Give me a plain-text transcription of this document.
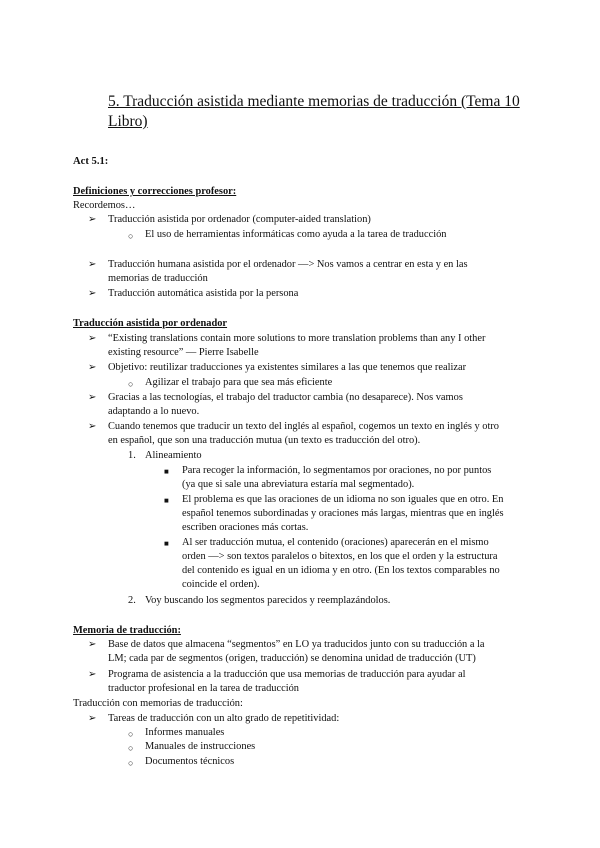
5. Traducción asistida mediante memorias de traducción (Tema 10 Libro)
Act 5.1:
Definiciones y correcciones profesor:
Recordemos…
➢ Traducción asistida por ordenador (computer-aided translation)
○ El uso de herramientas informáticas como ayuda a la tarea de traducción
➢ Traducción humana asistida por el ordenador —> Nos vamos a centrar en esta y en las
memorias de traducción
➢ Traducción automática asistida por la persona
Traducción asistida por ordenador
➢ “Existing translations contain more solutions to more translation problems than any I other
existing resource” — Pierre Isabelle
➢ Objetivo: reutilizar traducciones ya existentes similares a las que tenemos que realizar
○ Agilizar el trabajo para que sea más eficiente
➢ Gracias a las tecnologías, el trabajo del traductor cambia (no desaparece). Nos vamos
adaptando a lo nuevo.
➢ Cuando tenemos que traducir un texto del inglés al español, cogemos un texto en inglés y otro
en español, que son una traducción mutua (un texto es traducción del otro).
1. Alineamiento
■ Para recoger la información, lo segmentamos por oraciones, no por puntos
(ya que si sale una abreviatura estaría mal segmentado).
■ El problema es que las oraciones de un idioma no son iguales que en otro. En
español tenemos subordinadas y oraciones más largas, mientras que en inglés
escriben oraciones más cortas.
■ Al ser traducción mutua, el contenido (oraciones) aparecerán en el mismo
orden —> son textos paralelos o bitextos, en los que el orden y la estructura
del contenido es igual en un idioma y en otro. (En los textos comparables no
coincide el orden).
2. Voy buscando los segmentos parecidos y reemplazándolos.
Memoria de traducción:
➢ Base de datos que almacena “segmentos” en LO ya traducidos junto con su traducción a la
LM; cada par de segmentos (origen, traducción) se denomina unidad de traducción (UT)
➢ Programa de asistencia a la traducción que usa memorias de traducción para ayudar al
traductor profesional en la tarea de traducción
Traducción con memorias de traducción:
➢ Tareas de traducción con un alto grado de repetitividad:
○ Informes manuales
○ Manuales de instrucciones
○ Documentos técnicos
